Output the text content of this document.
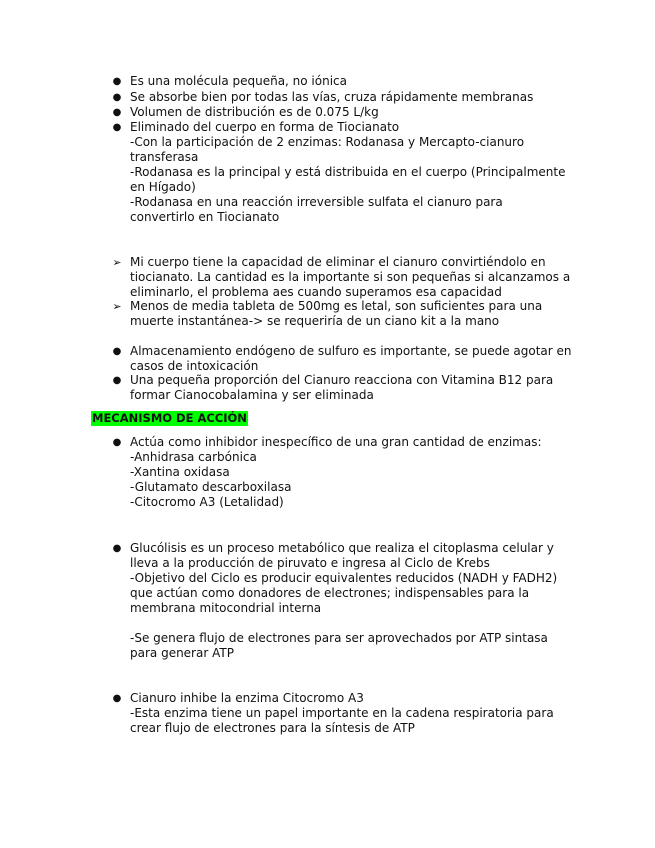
● Es una molécula pequeña, no iónica
● Se absorbe bien por todas las vías, cruza rápidamente membranas
● Volumen de distribución es de 0.075 L/kg
● Eliminado del cuerpo en forma de Tiocianato
-Con la participación de 2 enzimas: Rodanasa y Mercapto-cianuro
transferasa
-Rodanasa es la principal y está distribuida en el cuerpo (Principalmente
en Hígado)
-Rodanasa en una reacción irreversible sulfata el cianuro para
convertirlo en Tiocianato
➢ Mi cuerpo tiene la capacidad de eliminar el cianuro convirtiéndolo en
tiocianato. La cantidad es la importante si son pequeñas si alcanzamos a
eliminarlo, el problema aes cuando superamos esa capacidad
➢ Menos de media tableta de 500mg es letal, son suficientes para una
muerte instantánea-> se requeriría de un ciano kit a la mano
● Almacenamiento endógeno de sulfuro es importante, se puede agotar en
casos de intoxicación
● Una pequeña proporción del Cianuro reacciona con Vitamina B12 para
formar Cianocobalamina y ser eliminada
MECANISMO DE ACCIÓN
● Actúa como inhibidor inespecífico de una gran cantidad de enzimas:
-Anhidrasa carbónica
-Xantina oxidasa
-Glutamato descarboxilasa
-Citocromo A3 (Letalidad)
● Glucólisis es un proceso metabólico que realiza el citoplasma celular y
lleva a la producción de piruvato e ingresa al Ciclo de Krebs
-Objetivo del Ciclo es producir equivalentes reducidos (NADH y FADH2)
que actúan como donadores de electrones; indispensables para la
membrana mitocondrial interna
-Se genera flujo de electrones para ser aprovechados por ATP sintasa
para generar ATP
● Cianuro inhibe la enzima Citocromo A3
-Esta enzima tiene un papel importante en la cadena respiratoria para
crear flujo de electrones para la síntesis de ATP
